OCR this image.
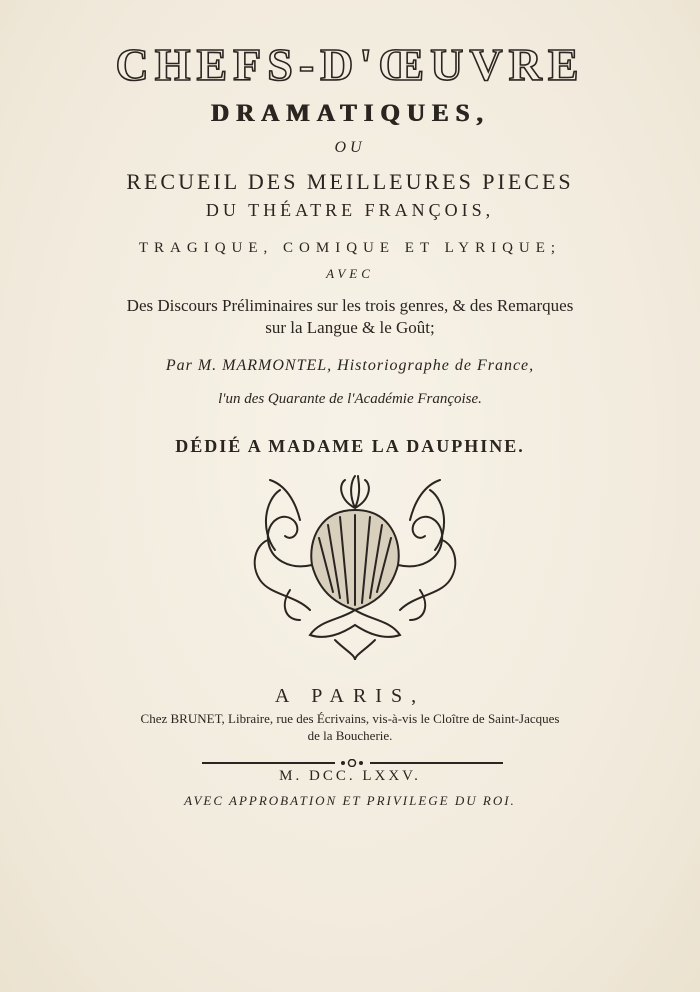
CHEFS-D'ŒUVRE
DRAMATIQUES,
OU
RECUEIL DES MEILLEURES PIECES
DU THÉATRE FRANÇOIS,
TRAGIQUE, COMIQUE ET LYRIQUE;
AVEC
Des Discours Préliminaires sur les trois genres, & des Remarques
sur la Langue & le Goût;
Par M. MARMONTEL, Historiographe de France,
l'un des Quarante de l'Académie Françoise.
DÉDIÉ A MADAME LA DAUPHINE.
A PARIS,
Chez BRUNET, Libraire, rue des Écrivains, vis-à-vis le Cloître de Saint-Jacques
de la Boucherie.
M. DCC. LXXV.
AVEC APPROBATION ET PRIVILEGE DU ROI.
